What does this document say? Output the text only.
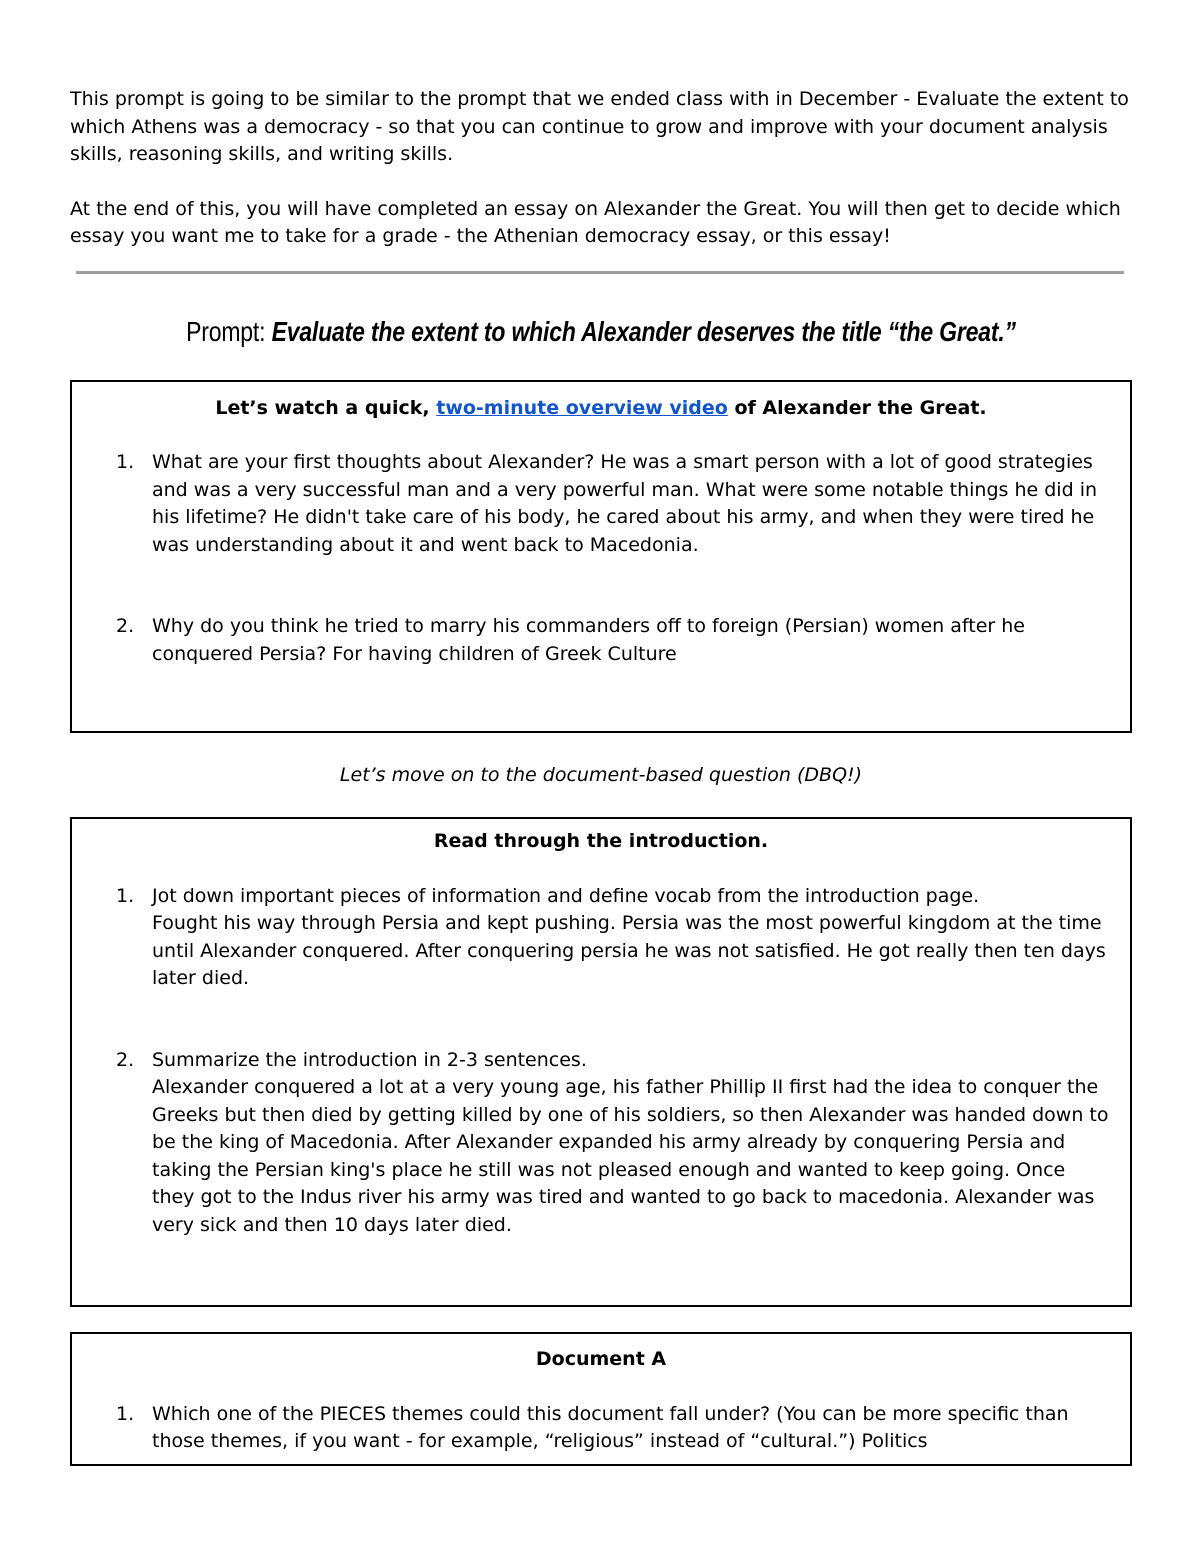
This prompt is going to be similar to the prompt that we ended class with in December - Evaluate the extent to which Athens was a democracy - so that you can continue to grow and improve with your document analysis skills, reasoning skills, and writing skills.

At the end of this, you will have completed an essay on Alexander the Great. You will then get to decide which essay you want me to take for a grade - the Athenian democracy essay, or this essay!

Prompt: Evaluate the extent to which Alexander deserves the title “the Great.”
Let’s watch a quick, two-minute overview video of Alexander the Great.
1. What are your first thoughts about Alexander? He was a smart person with a lot of good strategies and was a very successful man and a very powerful man. What were some notable things he did in his lifetime? He didn't take care of his body, he cared about his army, and when they were tired he was understanding about it and went back to Macedonia.
2. Why do you think he tried to marry his commanders off to foreign (Persian) women after he conquered Persia? For having children of Greek Culture
Let’s move on to the document-based question (DBQ!)
Read through the introduction.
1. Jot down important pieces of information and define vocab from the introduction page.
Fought his way through Persia and kept pushing. Persia was the most powerful kingdom at the time until Alexander conquered. After conquering persia he was not satisfied. He got really then ten days later died.
2. Summarize the introduction in 2-3 sentences.
Alexander conquered a lot at a very young age, his father Phillip II first had the idea to conquer the Greeks but then died by getting killed by one of his soldiers, so then Alexander was handed down to be the king of Macedonia. After Alexander expanded his army already by conquering Persia and taking the Persian king's place he still was not pleased enough and wanted to keep going. Once they got to the Indus river his army was tired and wanted to go back to macedonia. Alexander was very sick and then 10 days later died.
Document A
1. Which one of the PIECES themes could this document fall under? (You can be more specific than those themes, if you want - for example, “religious” instead of “cultural.”) Politics
